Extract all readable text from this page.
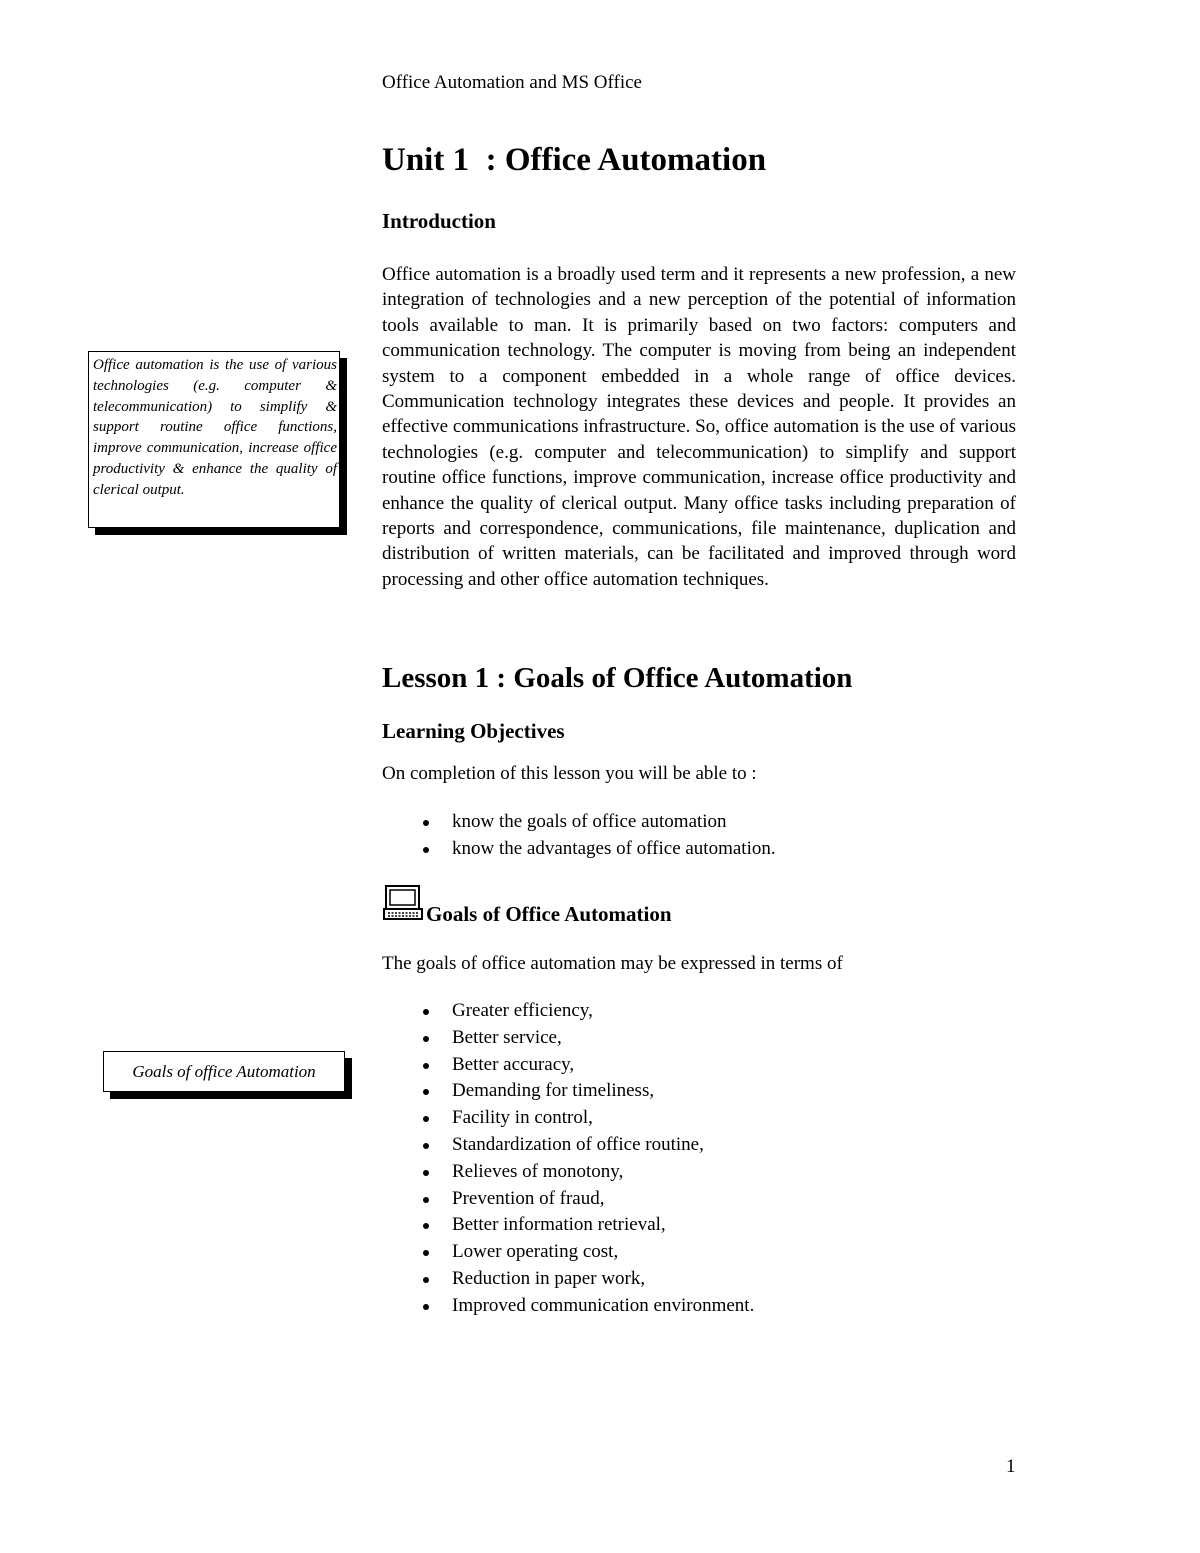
Office Automation and MS Office
Unit 1  : Office Automation
Introduction

Office automation is a broadly used term and it represents a new profession, a new integration of technologies and a new perception of the potential of information tools available to man. It is primarily based on two factors: computers and communication technology. The computer is moving from being an independent system to a component embedded in a whole range of office devices. Communication technology integrates these devices and people. It provides an effective communications infrastructure. So, office automation is the use of various technologies (e.g. computer and telecommunication) to simplify and support routine office functions, improve communication, increase office productivity and enhance the quality of clerical output. Many office tasks including preparation of reports and correspondence, communications, file maintenance, duplication and distribution of written materials, can be facilitated and improved through word processing and other office automation techniques.

Office automation is the use of various technologies (e.g. computer & telecommunication) to simplify & support routine office functions, improve communication, increase office productivity & enhance the quality of clerical output.
Lesson 1 : Goals of Office Automation
Learning Objectives

On completion of this lesson you will be able to :

know the goals of office automation
know the advantages of office automation.
Goals of Office Automation

The goals of office automation may be expressed in terms of

Goals of office Automation
Greater efficiency,
Better service,
Better accuracy,
Demanding for timeliness,
Facility in control,
Standardization of office routine,
Relieves of monotony,
Prevention of fraud,
Better information retrieval,
Lower operating cost,
Reduction in paper work,
Improved communication environment.
1
